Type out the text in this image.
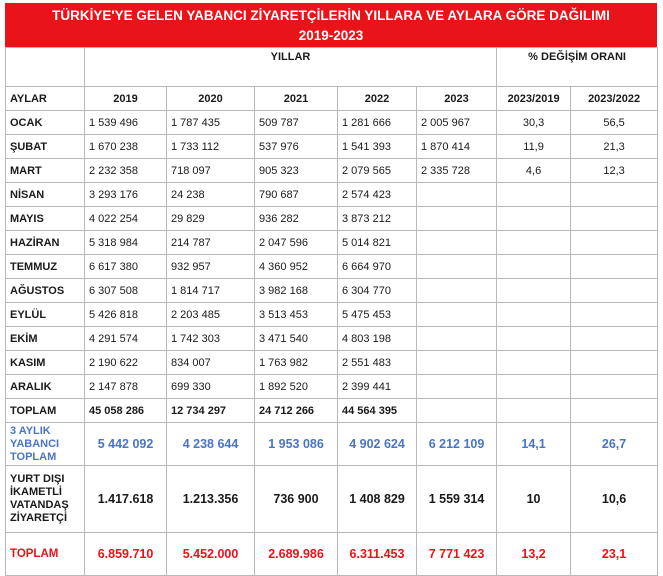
TÜRKİYE'YE GELEN YABANCI ZİYARETÇİLERİN YILLARA VE AYLARA GÖRE DAĞILIMI
2019-2023
	YILLAR					% DEĞİŞİM ORANI	
AYLAR	2019	2020	2021	2022	2023	2023/2019	2023/2022
OCAK	1 539 496	1 787 435	509 787	1 281 666	2 005 967	30,3	56,5
ŞUBAT	1 670 238	1 733 112	537 976	1 541 393	1 870 414	11,9	21,3
MART	2 232 358	718 097	905 323	2 079 565	2 335 728	4,6	12,3
NİSAN	3 293 176	24 238	790 687	2 574 423			
MAYIS	4 022 254	29 829	936 282	3 873 212			
HAZİRAN	5 318 984	214 787	2 047 596	5 014 821			
TEMMUZ	6 617 380	932 957	4 360 952	6 664 970			
AĞUSTOS	6 307 508	1 814 717	3 982 168	6 304 770			
EYLÜL	5 426 818	2 203 485	3 513 453	5 475 453			
EKİM	4 291 574	1 742 303	3 471 540	4 803 198			
KASIM	2 190 622	834 007	1 763 982	2 551 483			
ARALIK	2 147 878	699 330	1 892 520	2 399 441			
TOPLAM	45 058 286	12 734 297	24 712 266	44 564 395			

3 AYLIK
YABANCI
TOPLAM	5 442 092	4 238 644	1 953 086	4 902 624	6 212 109	14,1	26,7

YURT DIŞI
İKAMETLİ
VATANDAŞ
ZİYARETÇİ	1.417.618	1.213.356	736 900	1 408 829	1 559 314	10	10,6
TOPLAM	6.859.710	5.452.000	2.689.986	6.311.453	7 771 423	13,2	23,1
